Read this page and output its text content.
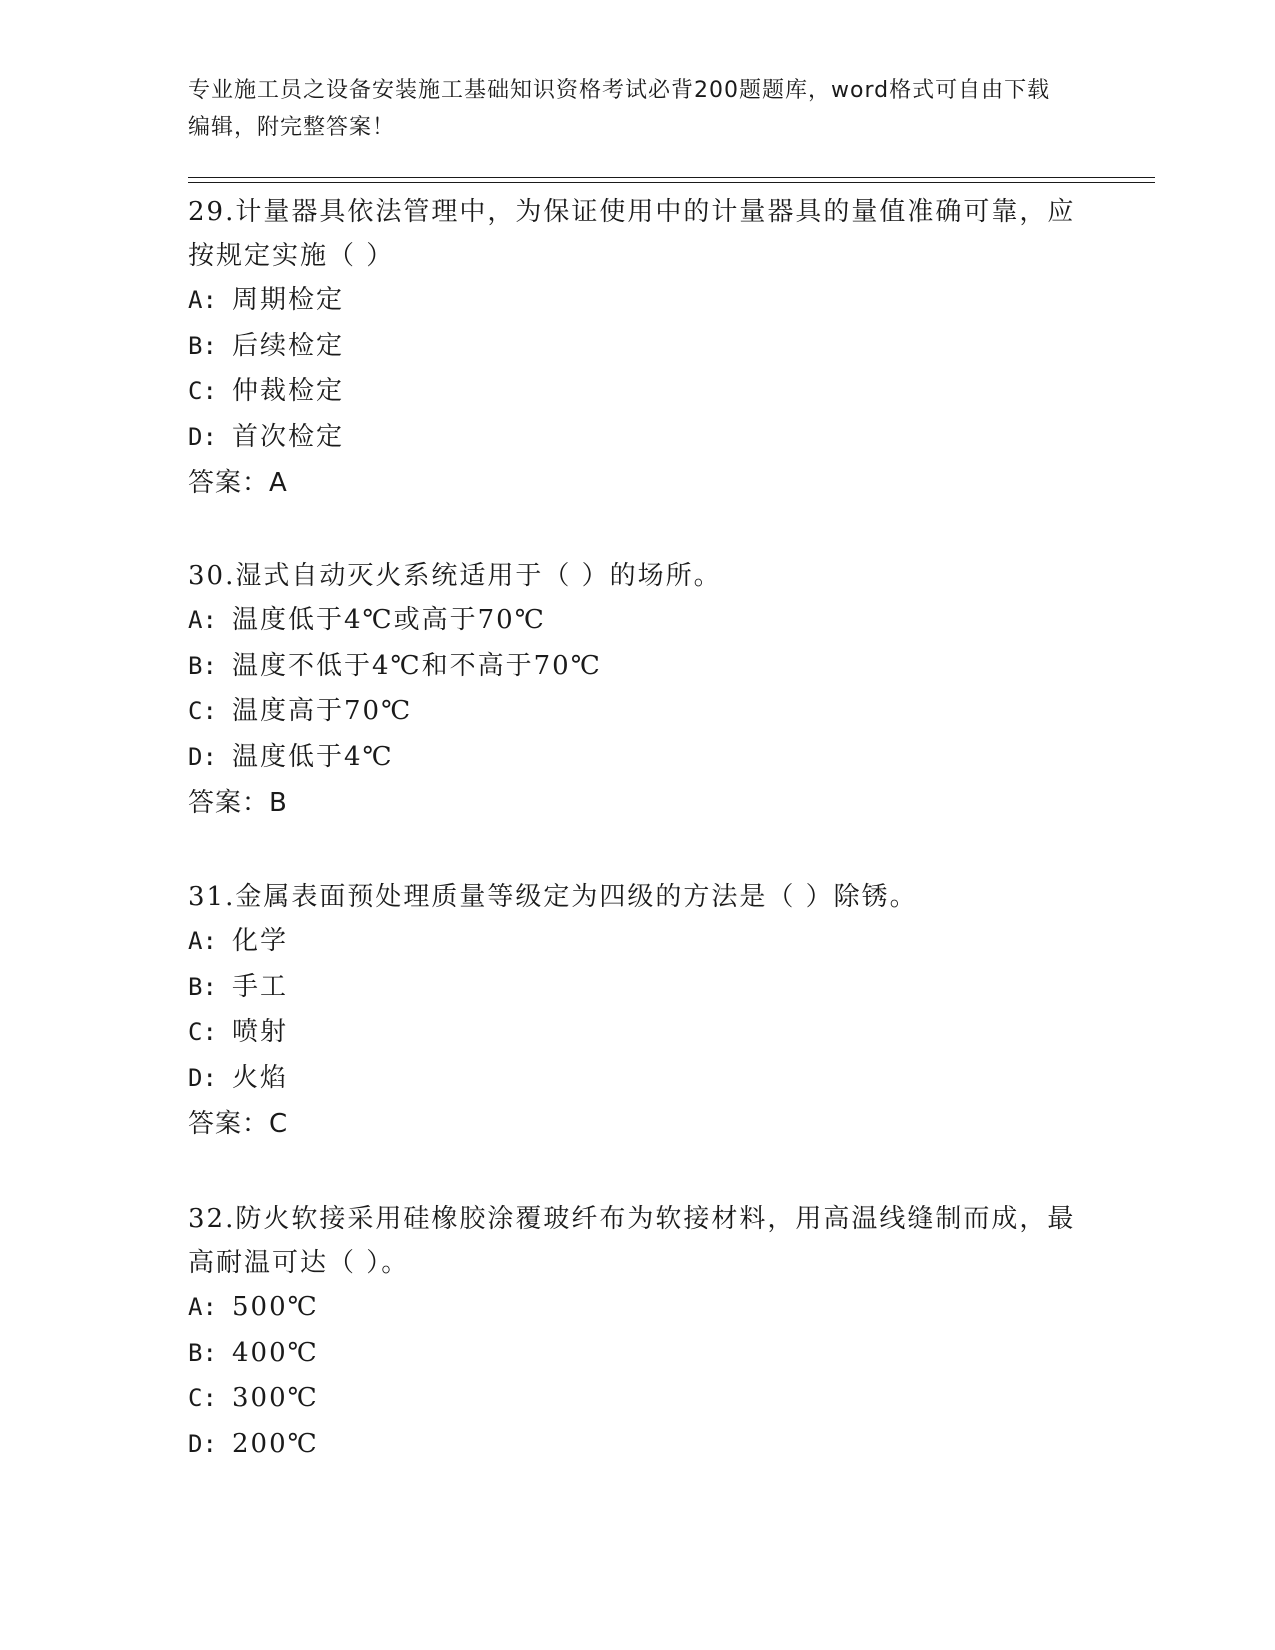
专业施工员之设备安装施工基础知识资格考试必背200题题库，word格式可自由下载编辑，附完整答案！

29.计量器具依法管理中，为保证使用中的计量器具的量值准确可靠，应按规定实施（ ）

A: 周期检定

B: 后续检定

C: 仲裁检定

D: 首次检定

答案：A

30.湿式自动灭火系统适用于（ ）的场所。

A: 温度低于4℃或高于70℃

B: 温度不低于4℃和不高于70℃

C: 温度高于70℃

D: 温度低于4℃

答案：B

31.金属表面预处理质量等级定为四级的方法是（ ）除锈。

A: 化学

B: 手工

C: 喷射

D: 火焰

答案：C

32.防火软接采用硅橡胶涂覆玻纤布为软接材料，用高温线缝制而成，最高耐温可达（ ）。

A: 500℃

B: 400℃

C: 300℃

D: 200℃
